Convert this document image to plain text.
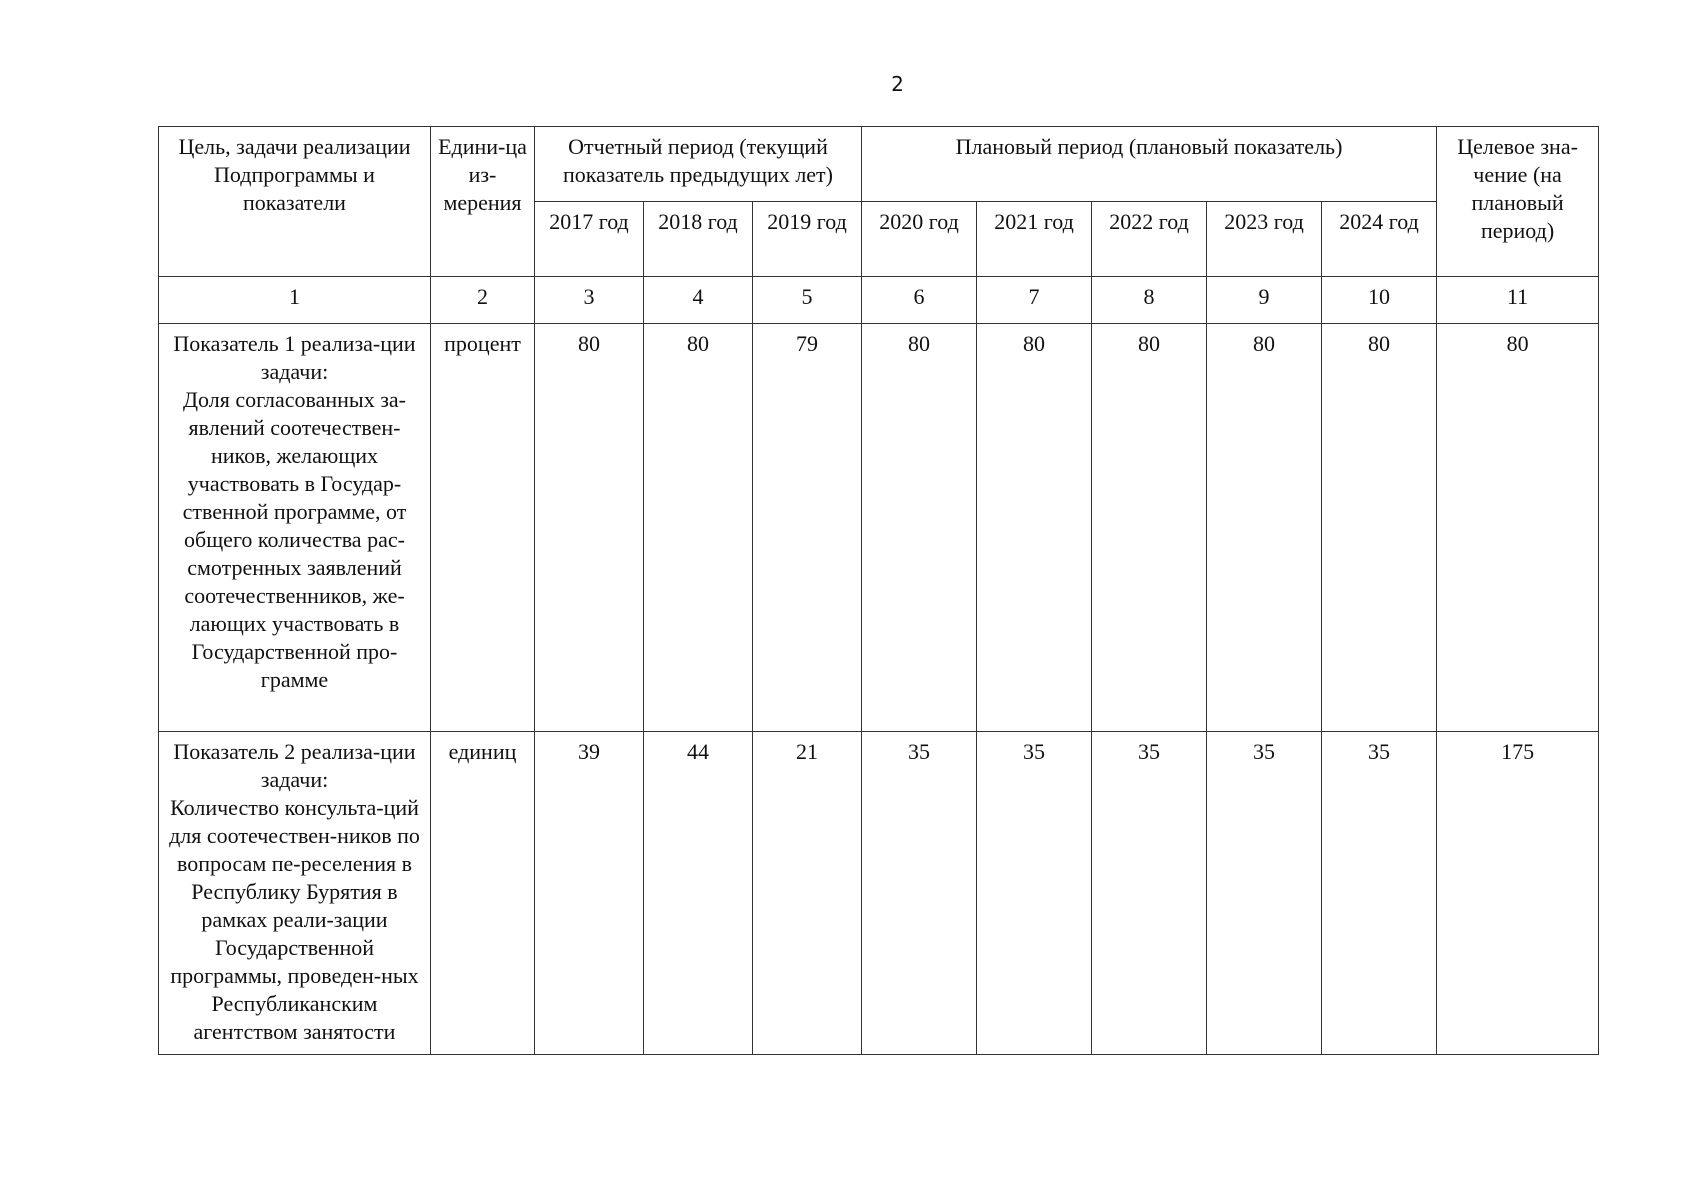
2
Цель, задачи реализации Подпрограммы и показатели	Едини-ца из-мерения	Отчетный период (текущий показатель предыдущих лет)			Плановый период (плановый показатель)					Целевое зна-чение (на плановый период)
		2017 год	2018 год	2019 год	2020 год	2021 год	2022 год	2023 год	2024 год	
1	2	3	4	5	6	7	8	9	10	11

Показатель 1 реализа-ции задачи:
Доля согласованных за-явлений соотечествен-ников, желающих участвовать в Государ-ственной программе, от общего количества рас-смотренных заявлений соотечественников, же-лающих участвовать в Государственной про-грамме	процент	80	80	79	80	80	80	80	80	80

Показатель 2 реализа-ции задачи:
Количество консульта-ций для соотечествен-ников по вопросам пе-реселения в Республику Бурятия в рамках реали-зации Государственной программы, проведен-ных Республиканским агентством занятости	единиц	39	44	21	35	35	35	35	35	175
